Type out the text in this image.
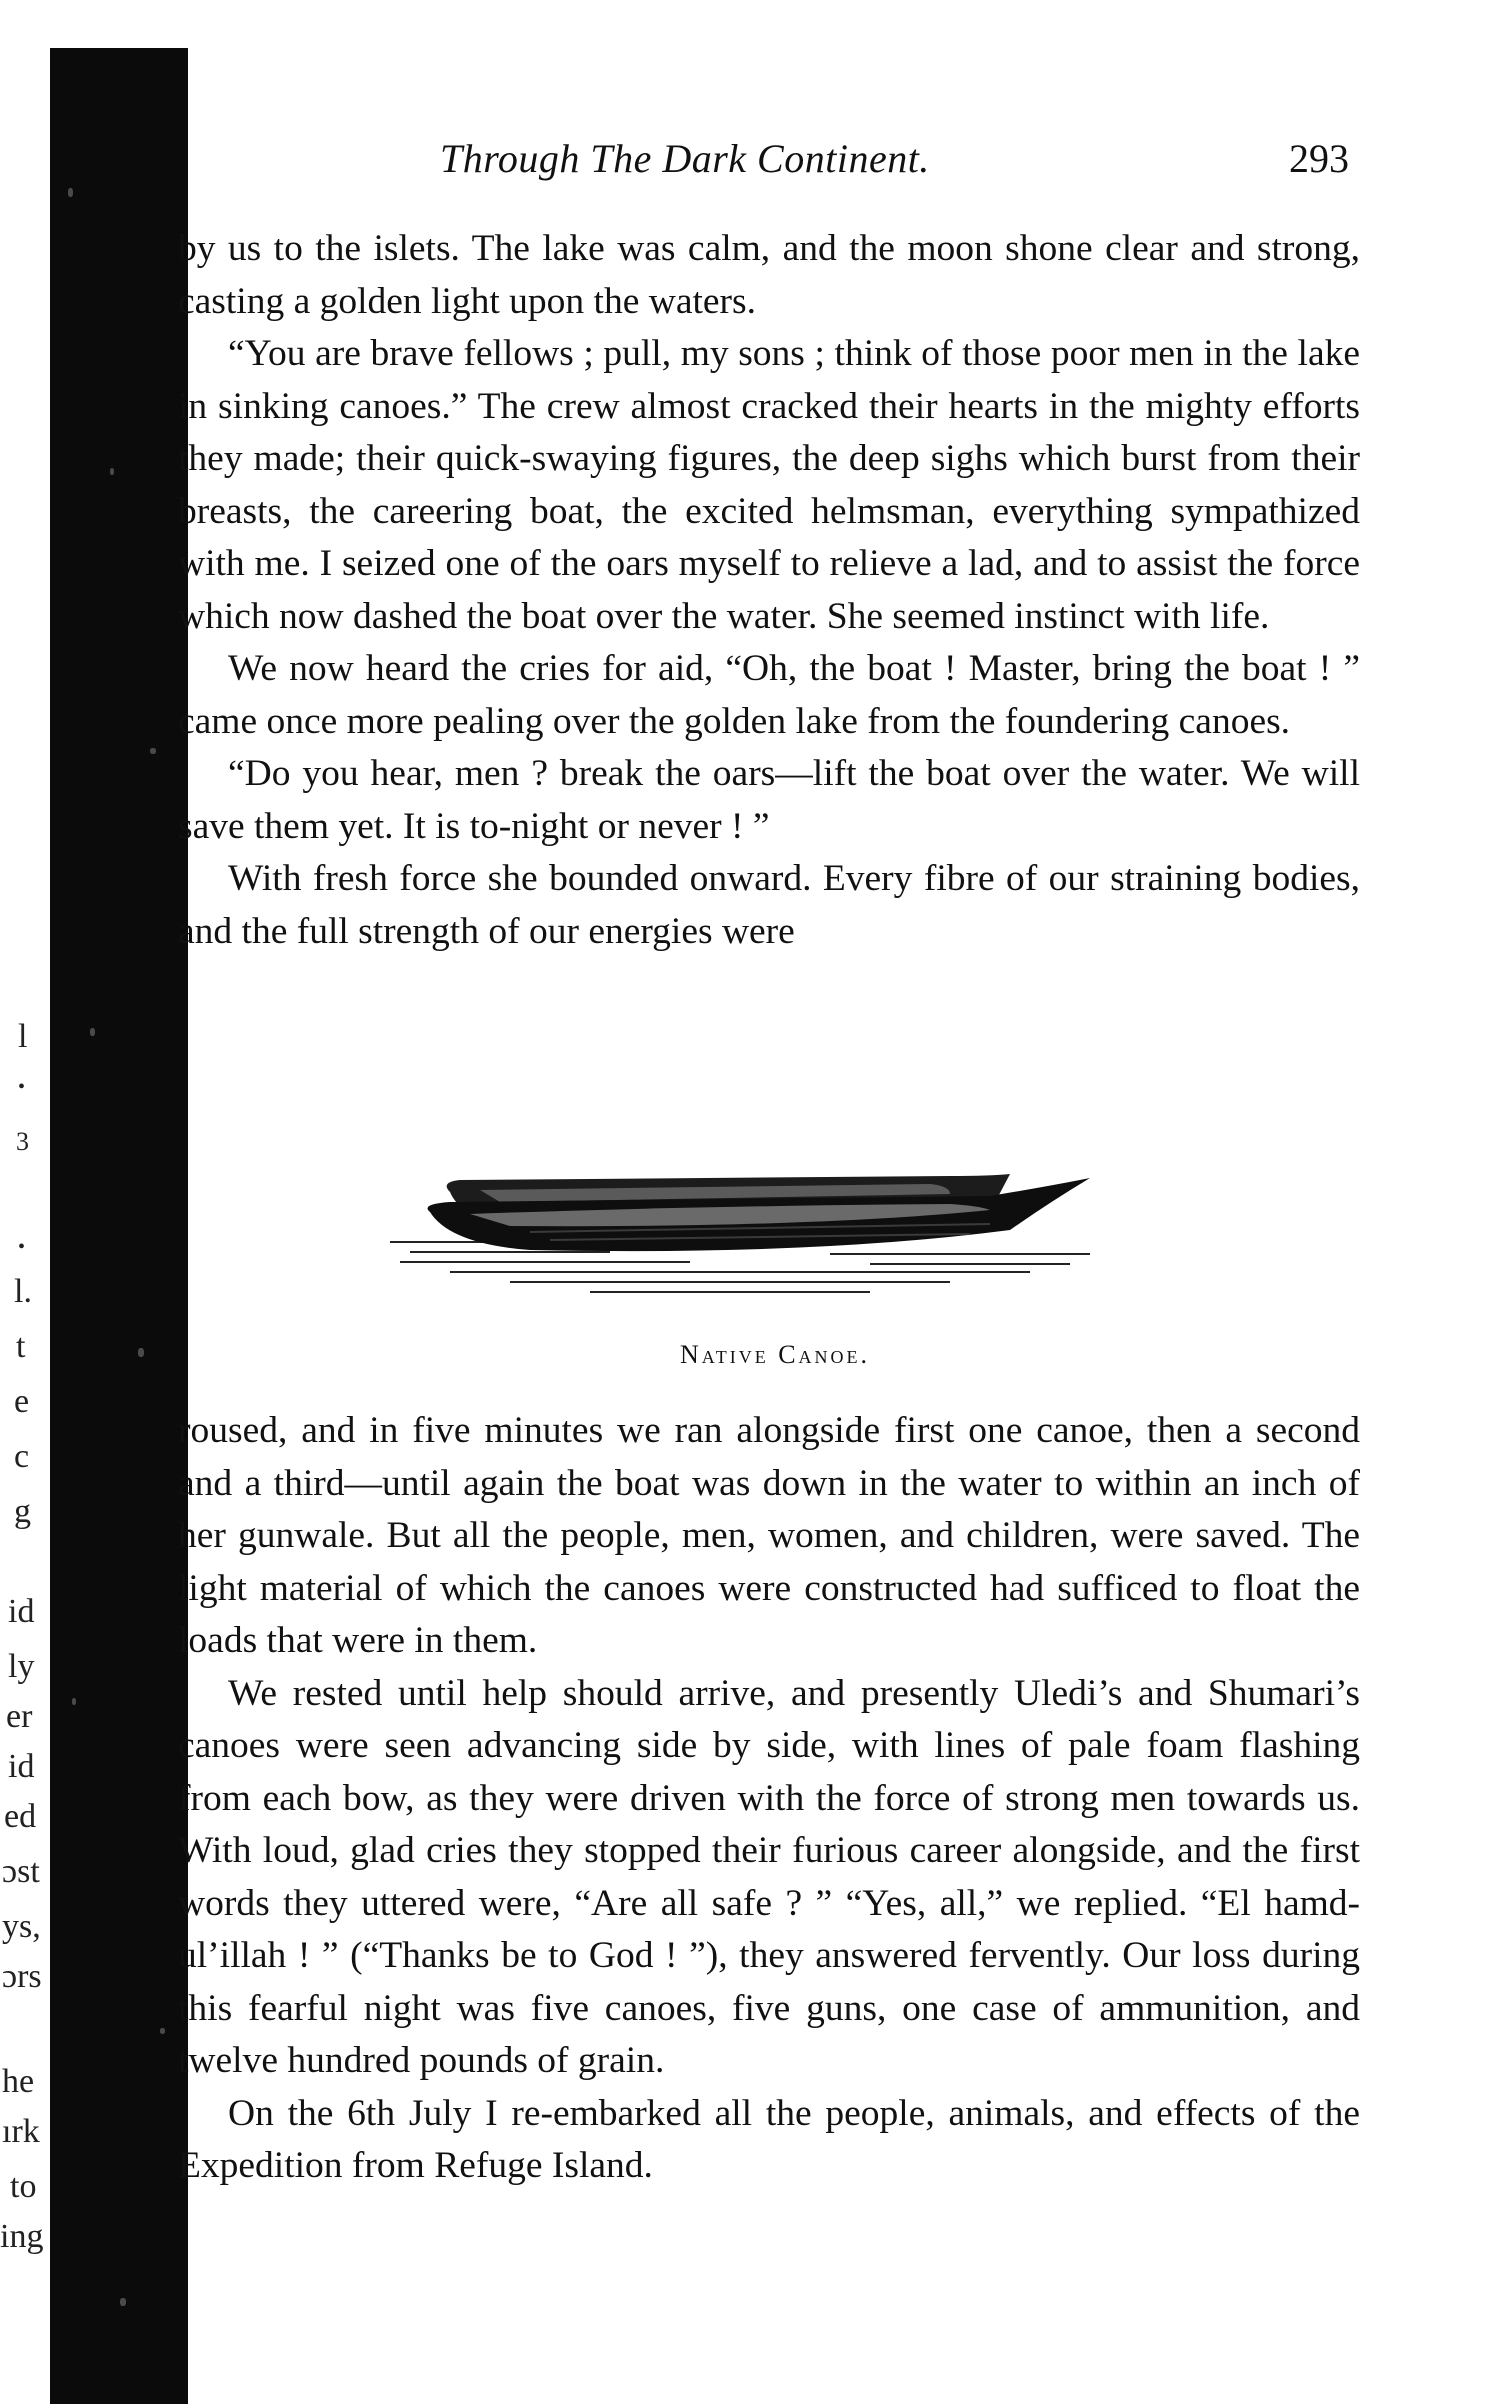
l
•
3
•
l.
t
e
c
g
id
ly
er
id
ed
ɔst
ys,
ɔrs
he
ırk
to
ing
Through The Dark Continent.	293

by us to the islets. The lake was calm, and the moon shone clear and strong, casting a golden light upon the waters.

“You are brave fellows ; pull, my sons ; think of those poor men in the lake in sinking canoes.” The crew almost cracked their hearts in the mighty efforts they made; their quick-swaying figures, the deep sighs which burst from their breasts, the careering boat, the excited helmsman, everything sympathized with me. I seized one of the oars myself to relieve a lad, and to assist the force which now dashed the boat over the water. She seemed instinct with life.

We now heard the cries for aid, “Oh, the boat ! Master, bring the boat ! ” came once more pealing over the golden lake from the foundering canoes.

“Do you hear, men ? break the oars—lift the boat over the water. We will save them yet. It is to-night or never ! ”

With fresh force she bounded onward. Every fibre of our straining bodies, and the full strength of our energies were

Native Canoe.

roused, and in five minutes we ran alongside first one canoe, then a second and a third—until again the boat was down in the water to within an inch of her gunwale. But all the people, men, women, and children, were saved. The light material of which the canoes were constructed had sufficed to float the loads that were in them.

We rested until help should arrive, and presently Uledi’s and Shumari’s canoes were seen advancing side by side, with lines of pale foam flashing from each bow, as they were driven with the force of strong men towards us. With loud, glad cries they stopped their furious career alongside, and the first words they uttered were, “Are all safe ? ” “Yes, all,” we replied. “El hamd-ul’illah ! ” (“Thanks be to God ! ”), they answered fervently. Our loss during this fearful night was five canoes, five guns, one case of ammunition, and twelve hundred pounds of grain.

On the 6th July I re-embarked all the people, animals, and effects of the Expedition from Refuge Island.
